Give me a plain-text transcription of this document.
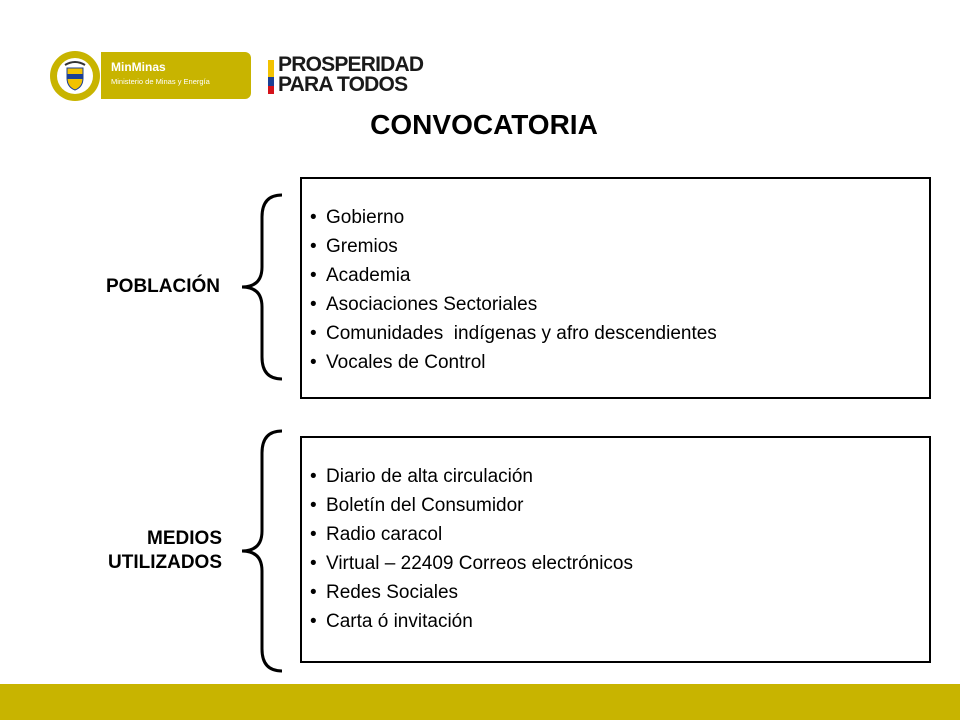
MinMinas
Ministerio de Minas y Energía
PROSPERIDAD
PARA TODOS
CONVOCATORIA
POBLACIÓN
• Gobierno
• Gremios
• Academia
• Asociaciones Sectoriales
• Comunidades  indígenas y afro descendientes
• Vocales de Control
MEDIOS
UTILIZADOS
• Diario de alta circulación
• Boletín del Consumidor
• Radio caracol
• Virtual – 22409 Correos electrónicos
• Redes Sociales
• Carta ó invitación
